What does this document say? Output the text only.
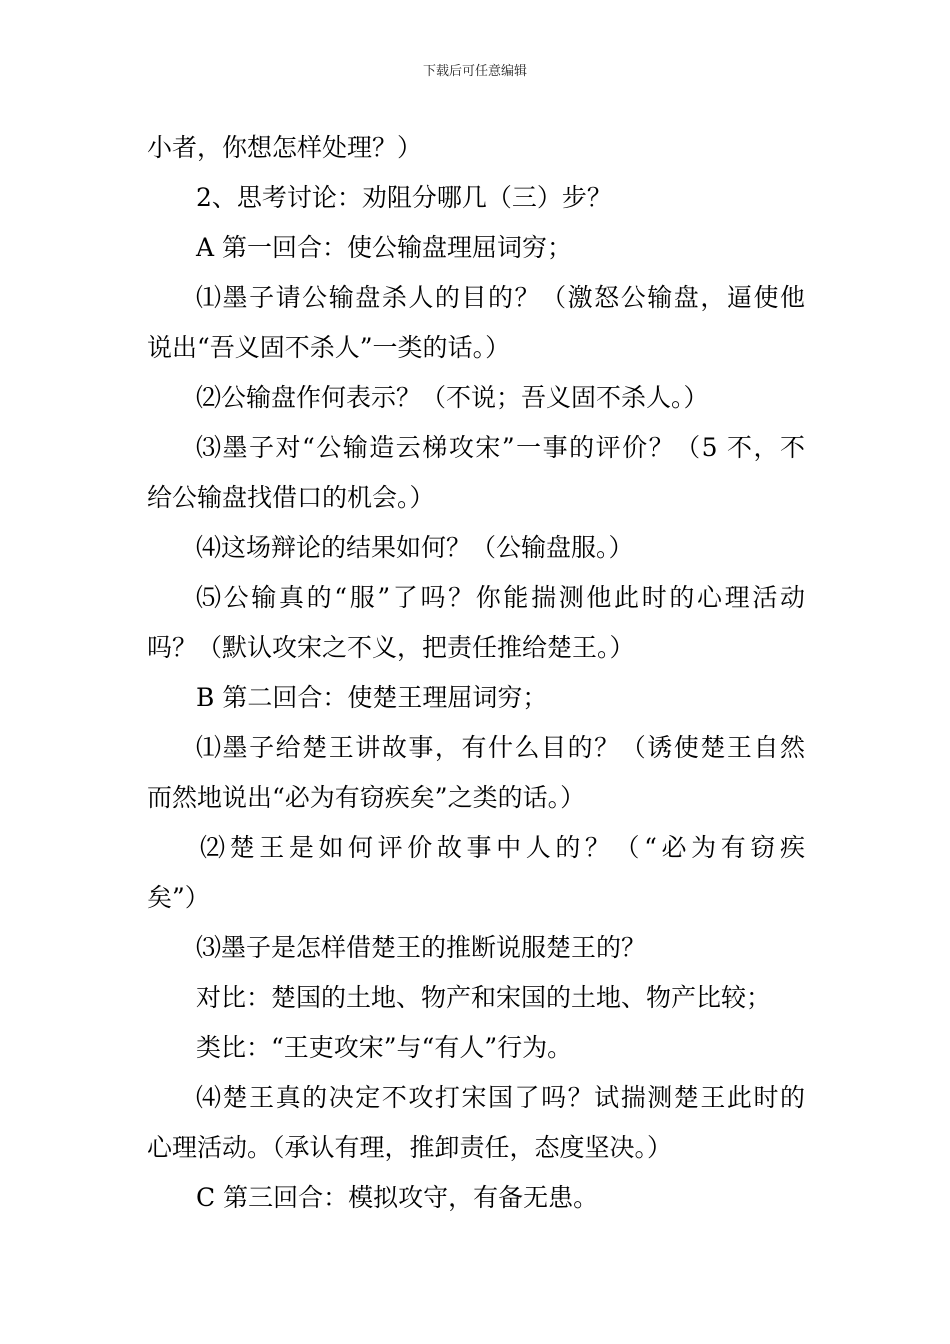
下载后可任意编辑
小者，你想怎样处理？）
2、思考讨论：劝阻分哪几（三）步？
A 第一回合：使公输盘理屈词穷；
⑴墨子请公输盘杀人的目的？（激怒公输盘，逼使他
说出“吾义固不杀人”一类的话。）
⑵公输盘作何表示？（不说；吾义固不杀人。）
⑶墨子对“公输造云梯攻宋”一事的评价？（5 不，不
给公输盘找借口的机会。）
⑷这场辩论的结果如何？（公输盘服。）
⑸公输真的“服”了吗？你能揣测他此时的心理活动
吗？（默认攻宋之不义，把责任推给楚王。）
B 第二回合：使楚王理屈词穷；
⑴墨子给楚王讲故事，有什么目的？（诱使楚王自然
而然地说出“必为有窃疾矣”之类的话。）
⑵楚王是如何评价故事中人的？（“必为有窃疾
矣”）
⑶墨子是怎样借楚王的推断说服楚王的？
对比：楚国的土地、物产和宋国的土地、物产比较；
类比：“王吏攻宋”与“有人”行为。
⑷楚王真的决定不攻打宋国了吗？试揣测楚王此时的
心理活动。（承认有理，推卸责任，态度坚决。）
C 第三回合：模拟攻守，有备无患。
